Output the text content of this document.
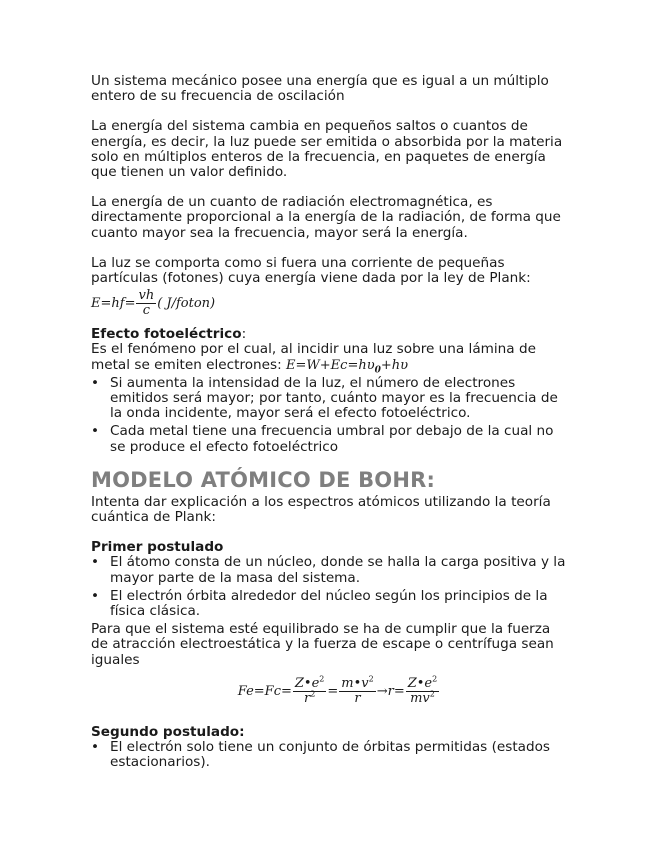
Un sistema mecánico posee una energía que es igual a un múltiplo entero de su frecuencia de oscilación

La energía del sistema cambia en pequeños saltos o cuantos de energía, es decir, la luz puede ser emitida o absorbida por la materia solo en múltiplos enteros de la frecuencia, en paquetes de energía que tienen un valor definido.

La energía de un cuanto de radiación electromagnética, es directamente proporcional a la energía de la radiación, de forma que cuanto mayor sea la frecuencia, mayor será la energía.

La luz se comporta como si fuera una corriente de pequeñas partículas (fotones) cuya energía viene dada por la ley de Plank:

$E=hf= \frac{vh}{c}$ ( J/foton)

Efecto fotoeléctrico:

Es el fenómeno por el cual, al incidir una luz sobre una lámina de metal se emiten electrones: $E=W+Ec=h\upsilon_0+h\upsilon$

• Si aumenta la intensidad de la luz, el número de electrones emitidos será mayor; por tanto, cuánto mayor es la frecuencia de la onda incidente, mayor será el efecto fotoeléctrico.
• Cada metal tiene una frecuencia umbral por debajo de la cual no se produce el efecto fotoeléctrico
MODELO ATÓMICO DE BOHR:

Intenta dar explicación a los espectros atómicos utilizando la teoría cuántica de Plank:

Primer postulado

• El átomo consta de un núcleo, donde se halla la carga positiva y la mayor parte de la masa del sistema.
• El electrón órbita alrededor del núcleo según los principios de la física clásica.

Para que el sistema esté equilibrado se ha de cumplir que la fuerza de atracción electroestática y la fuerza de escape o centrífuga sean iguales

$Fe=Fc= \frac{Z•e^2}{r^2} = \frac{m•v^2}{r} \to r= \frac{Z•e^2}{mv^2}$

Segundo postulado:

• El electrón solo tiene un conjunto de órbitas permitidas (estados estacionarios).
